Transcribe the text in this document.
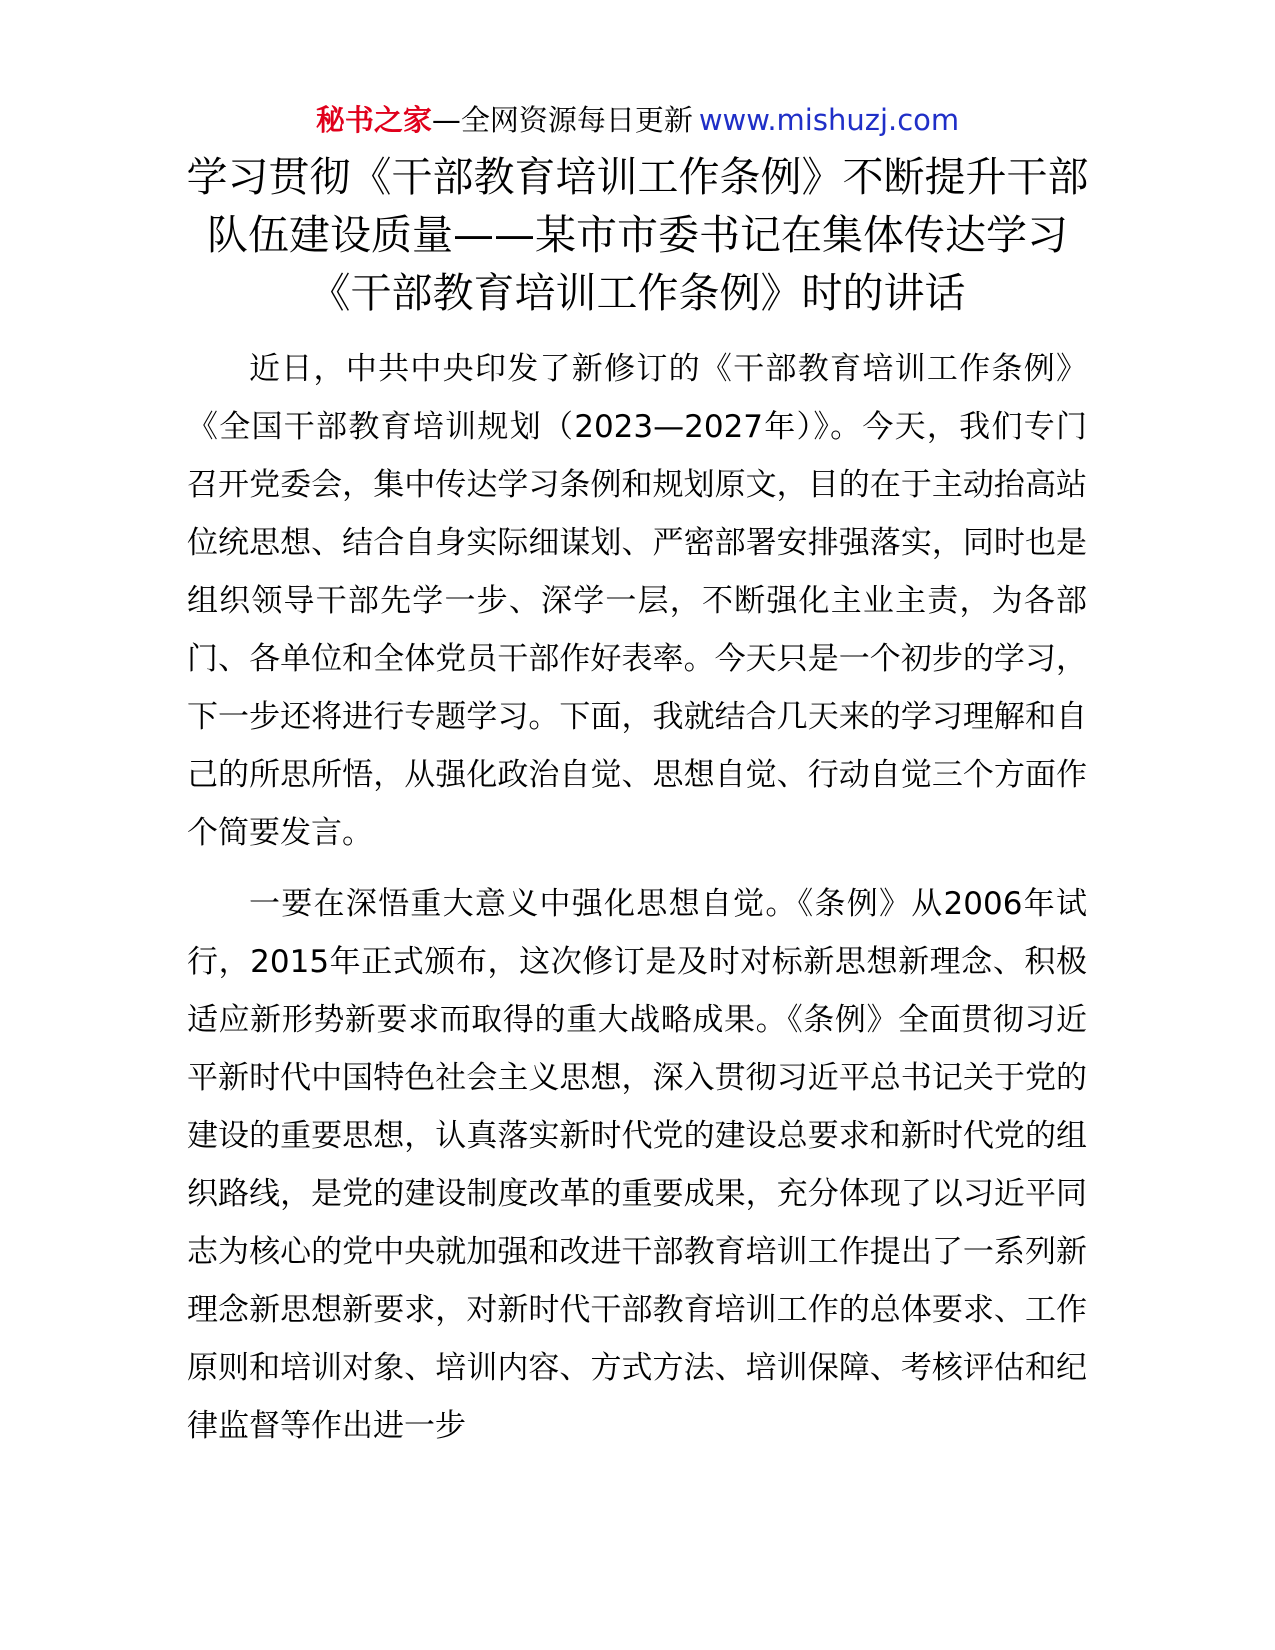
秘书之家—全网资源每日更新 www.mishuzj.com
学习贯彻《干部教育培训工作条例》不断提升干部队伍建设质量——某市市委书记在集体传达学习《干部教育培训工作条例》时的讲话

近日，中共中央印发了新修订的《干部教育培训工作条例》《全国干部教育培训规划（2023—2027年）》。今天，我们专门召开党委会，集中传达学习条例和规划原文，目的在于主动抬高站位统思想、结合自身实际细谋划、严密部署安排强落实，同时也是组织领导干部先学一步、深学一层，不断强化主业主责，为各部门、各单位和全体党员干部作好表率。今天只是一个初步的学习，下一步还将进行专题学习。下面，我就结合几天来的学习理解和自己的所思所悟，从强化政治自觉、思想自觉、行动自觉三个方面作个简要发言。

一要在深悟重大意义中强化思想自觉。《条例》从2006年试行，2015年正式颁布，这次修订是及时对标新思想新理念、积极适应新形势新要求而取得的重大战略成果。《条例》全面贯彻习近平新时代中国特色社会主义思想，深入贯彻习近平总书记关于党的建设的重要思想，认真落实新时代党的建设总要求和新时代党的组织路线，是党的建设制度改革的重要成果，充分体现了以习近平同志为核心的党中央就加强和改进干部教育培训工作提出了一系列新理念新思想新要求，对新时代干部教育培训工作的总体要求、工作原则和培训对象、培训内容、方式方法、培训保障、考核评估和纪律监督等作出进一步
